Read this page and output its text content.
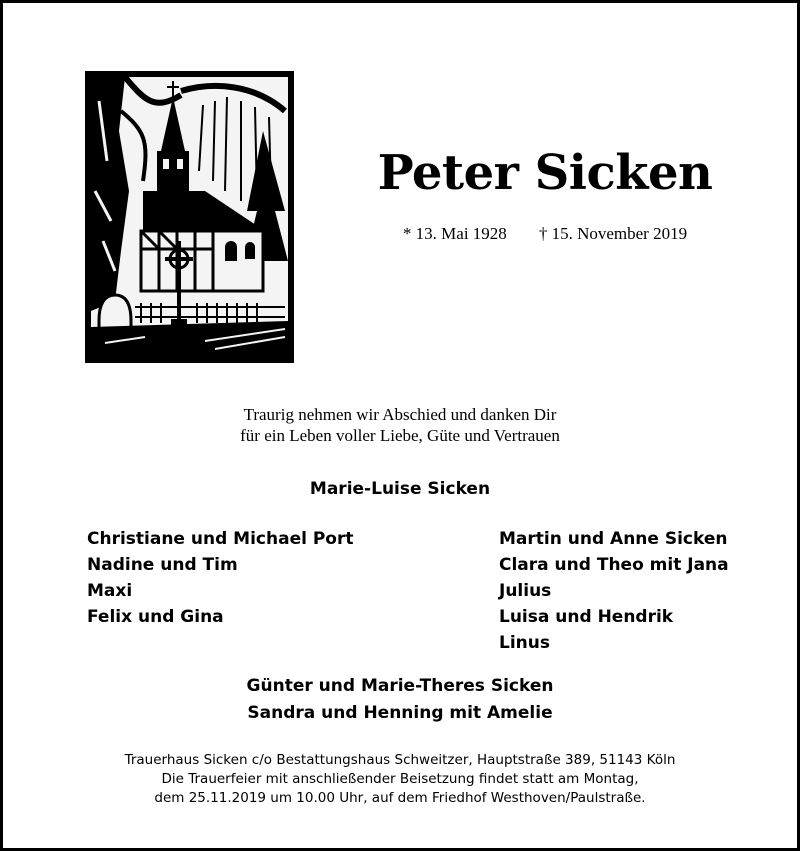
Peter Sicken
* 13. Mai 1928 † 15. November 2019
Traurig nehmen wir Abschied und danken Dir
für ein Leben voller Liebe, Güte und Vertrauen
Marie-Luise Sicken
Christiane und Michael Port
Nadine und Tim
Maxi
Felix und Gina
Martin und Anne Sicken
Clara und Theo mit Jana
Julius
Luisa und Hendrik
Linus
Günter und Marie-Theres Sicken
Sandra und Henning mit Amelie
Trauerhaus Sicken c/o Bestattungshaus Schweitzer, Hauptstraße 389, 51143 Köln
Die Trauerfeier mit anschließender Beisetzung findet statt am Montag,
dem 25.11.2019 um 10.00 Uhr, auf dem Friedhof Westhoven/Paulstraße.
